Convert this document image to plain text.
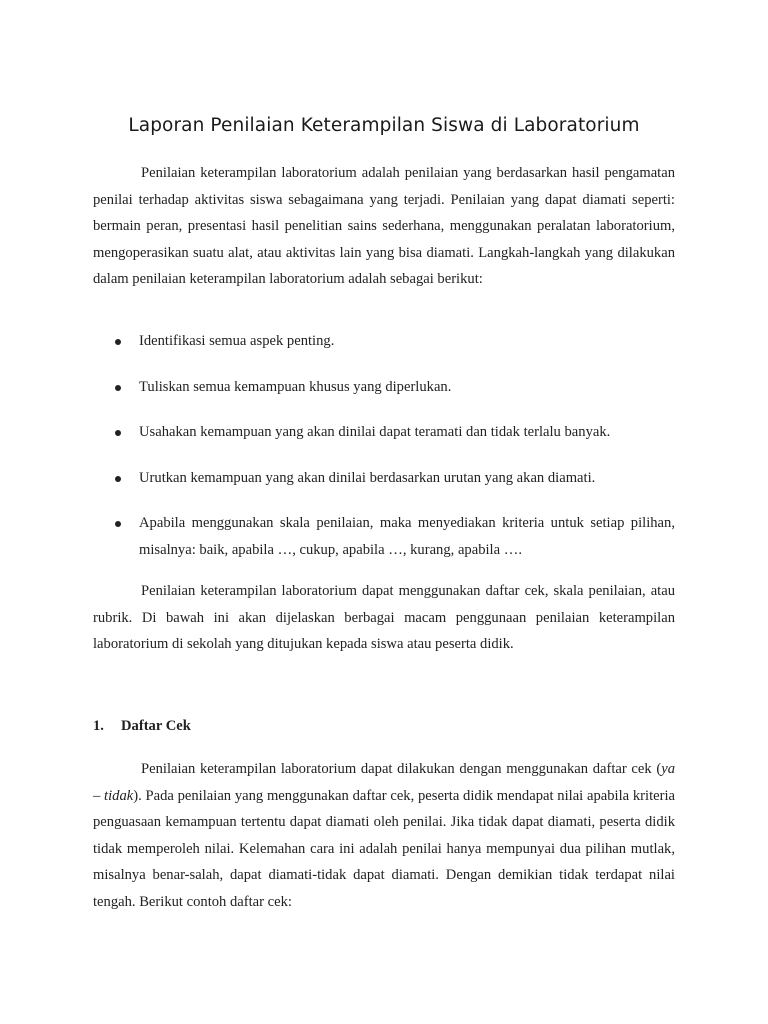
Laporan Penilaian Keterampilan Siswa di Laboratorium

Penilaian keterampilan laboratorium adalah penilaian yang berdasarkan hasil pengamatan penilai terhadap aktivitas siswa sebagaimana yang terjadi. Penilaian yang dapat diamati seperti: bermain peran, presentasi hasil penelitian sains sederhana, menggunakan peralatan laboratorium, mengoperasikan suatu alat, atau aktivitas lain yang bisa diamati. Langkah-langkah yang dilakukan dalam penilaian keterampilan laboratorium adalah sebagai berikut:

Identifikasi semua aspek penting.
Tuliskan semua kemampuan khusus yang diperlukan.
Usahakan kemampuan yang akan dinilai dapat teramati dan tidak terlalu banyak.
Urutkan kemampuan yang akan dinilai berdasarkan urutan yang akan diamati.
Apabila menggunakan skala penilaian, maka menyediakan kriteria untuk setiap pilihan, misalnya: baik, apabila …, cukup, apabila …, kurang, apabila ….

Penilaian keterampilan laboratorium dapat menggunakan daftar cek, skala penilaian, atau rubrik. Di bawah ini akan dijelaskan berbagai macam penggunaan penilaian keterampilan laboratorium di sekolah yang ditujukan kepada siswa atau peserta didik.

1. Daftar Cek

Penilaian keterampilan laboratorium dapat dilakukan dengan menggunakan daftar cek (ya – tidak). Pada penilaian yang menggunakan daftar cek, peserta didik mendapat nilai apabila kriteria penguasaan kemampuan tertentu dapat diamati oleh penilai. Jika tidak dapat diamati, peserta didik tidak memperoleh nilai. Kelemahan cara ini adalah penilai hanya mempunyai dua pilihan mutlak, misalnya benar-salah, dapat diamati-tidak dapat diamati. Dengan demikian tidak terdapat nilai tengah. Berikut contoh daftar cek:
